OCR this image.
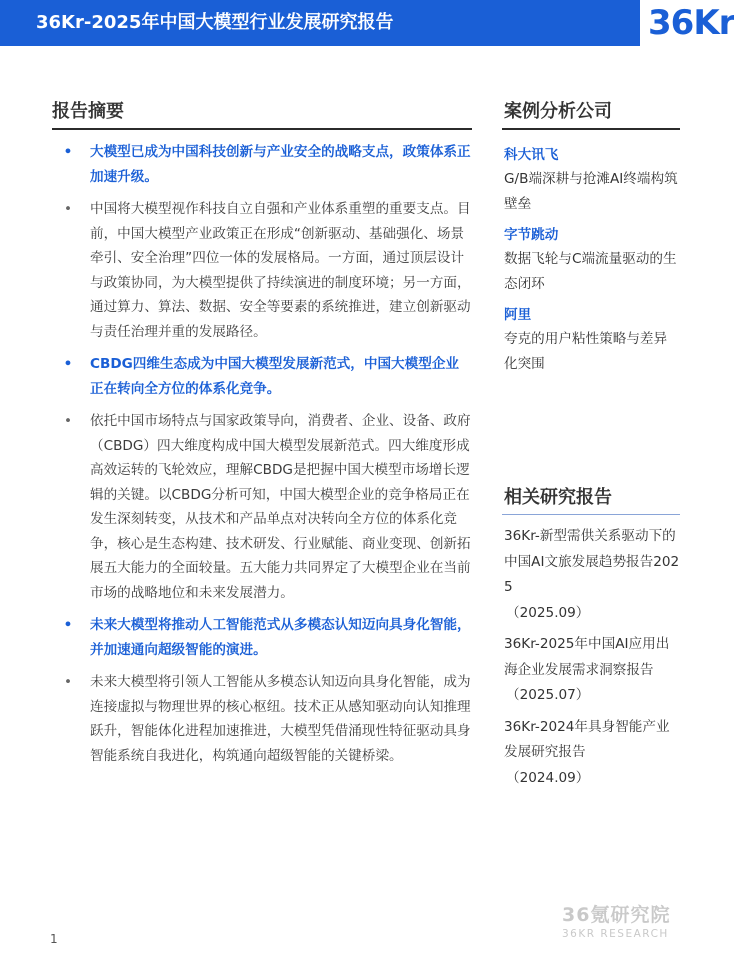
36Kr-2025年中国大模型行业发展研究报告	36Kr
报告摘要
• 大模型已成为中国科技创新与产业安全的战略支点，政策体系正加速升级。
• 中国将大模型视作科技自立自强和产业体系重塑的重要支点。目前，中国大模型产业政策正在形成“创新驱动、基础强化、场景牵引、安全治理”四位一体的发展格局。一方面，通过顶层设计与政策协同，为大模型提供了持续演进的制度环境；另一方面，通过算力、算法、数据、安全等要素的系统推进，建立创新驱动与责任治理并重的发展路径。
• CBDG四维生态成为中国大模型发展新范式，中国大模型企业正在转向全方位的体系化竞争。
• 依托中国市场特点与国家政策导向，消费者、企业、设备、政府（CBDG）四大维度构成中国大模型发展新范式。四大维度形成高效运转的飞轮效应，理解CBDG是把握中国大模型市场增长逻辑的关键。以CBDG分析可知，中国大模型企业的竞争格局正在发生深刻转变，从技术和产品单点对决转向全方位的体系化竞争，核心是生态构建、技术研发、行业赋能、商业变现、创新拓展五大能力的全面较量。五大能力共同界定了大模型企业在当前市场的战略地位和未来发展潜力。
• 未来大模型将推动人工智能范式从多模态认知迈向具身化智能，并加速通向超级智能的演进。
• 未来大模型将引领人工智能从多模态认知迈向具身化智能，成为连接虚拟与物理世界的核心枢纽。技术正从感知驱动向认知推理跃升，智能体化进程加速推进，大模型凭借涌现性特征驱动具身智能系统自我进化，构筑通向超级智能的关键桥梁。
案例分析公司
科大讯飞
G/B端深耕与抢滩AI终端构筑壁垒
字节跳动
数据飞轮与C端流量驱动的生态闭环
阿里
夸克的用户粘性策略与差异化突围
相关研究报告
36Kr-新型需供关系驱动下的中国AI文旅发展趋势报告2025
（2025.09）
36Kr-2025年中国AI应用出海企业发展需求洞察报告
（2025.07）
36Kr-2024年具身智能产业发展研究报告
（2024.09）
1
36氪研究院
36KR RESEARCH
